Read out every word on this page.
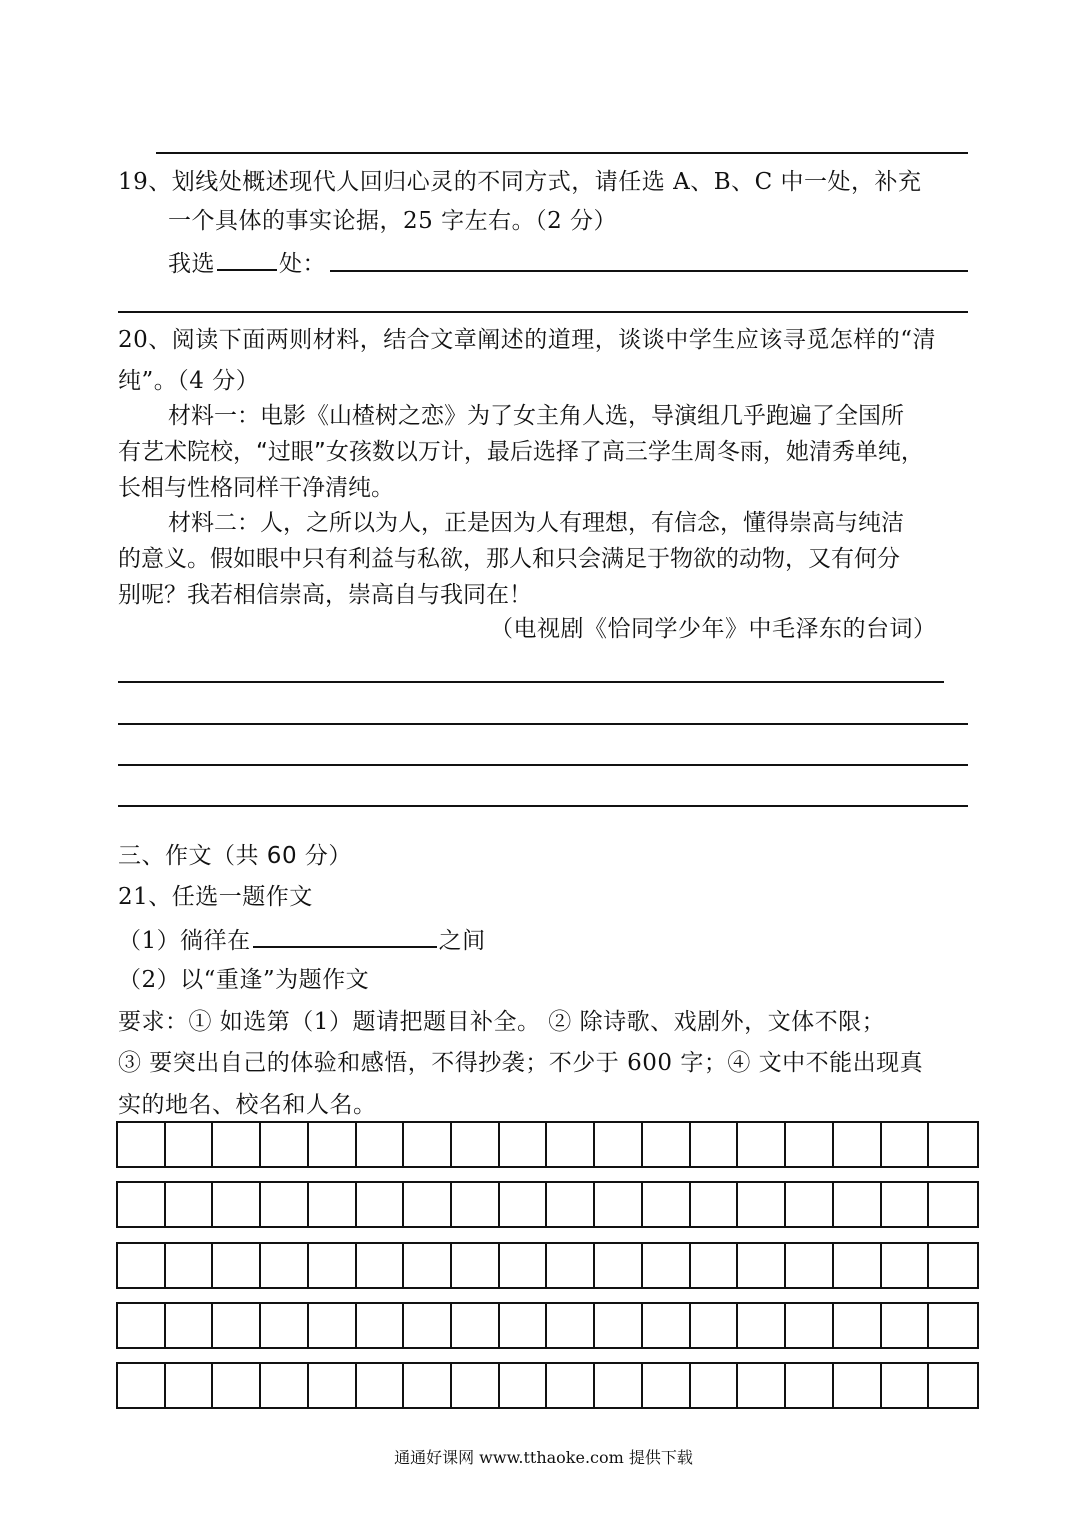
19、划线处概述现代人回归心灵的不同方式，请任选 A、B、C 中一处，补充
一个具体的事实论据，25 字左右。（2 分）
我选	处：
20、阅读下面两则材料，结合文章阐述的道理，谈谈中学生应该寻觅怎样的“清
纯”。（4 分）
材料一：电影《山楂树之恋》为了女主角人选，导演组几乎跑遍了全国所
有艺术院校，“过眼”女孩数以万计，最后选择了高三学生周冬雨，她清秀单纯，
长相与性格同样干净清纯。
材料二：人，之所以为人，正是因为人有理想，有信念，懂得崇高与纯洁
的意义。假如眼中只有利益与私欲，那人和只会满足于物欲的动物，又有何分
别呢？我若相信崇高，崇高自与我同在！
（电视剧《恰同学少年》中毛泽东的台词）
三、作文（共 60 分）
21、任选一题作文
（1）徜徉在	之间
（2）以“重逢”为题作文
要求：① 如选第（1）题请把题目补全。 ② 除诗歌、戏剧外，文体不限；
③ 要突出自己的体验和感悟，不得抄袭；不少于 600 字；④ 文中不能出现真
实的地名、校名和人名。
通通好课网 www.tthaoke.com 提供下载
